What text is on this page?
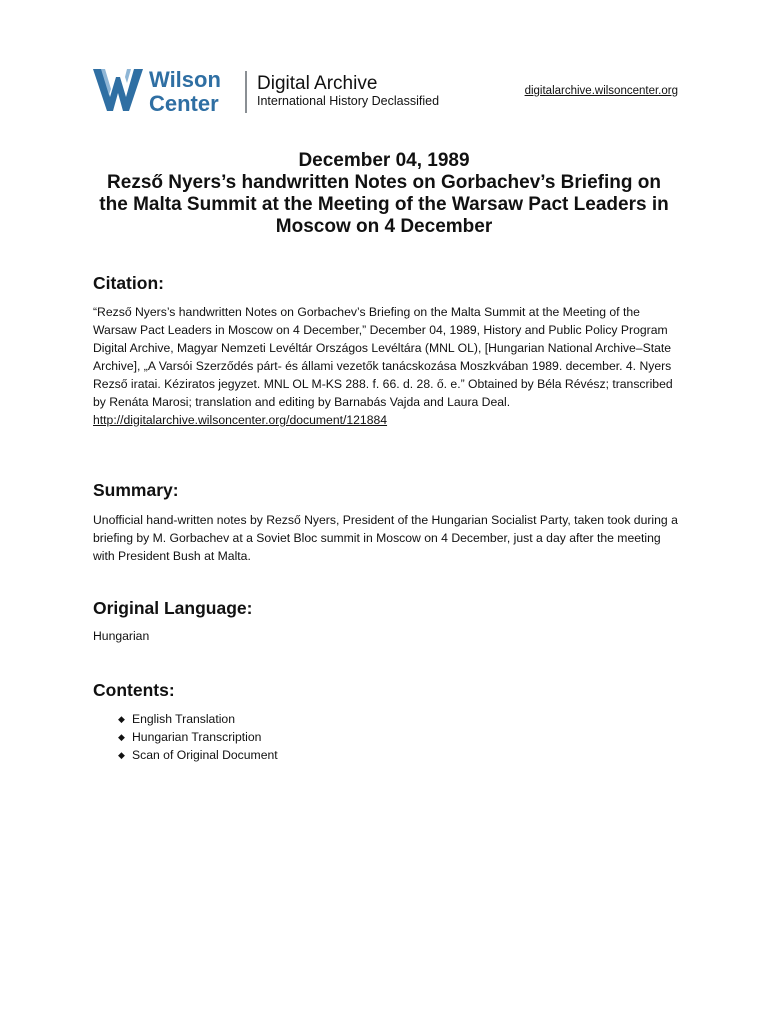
Wilson
Center
Digital Archive
International History Declassified
digitalarchive.wilsoncenter.org
December 04, 1989
Rezső Nyers’s handwritten Notes on Gorbachev’s Briefing on the Malta Summit at the Meeting of the Warsaw Pact Leaders in Moscow on 4 December
Citation:

“Rezső Nyers’s handwritten Notes on Gorbachev’s Briefing on the Malta Summit at the Meeting of the Warsaw Pact Leaders in Moscow on 4 December,” December 04, 1989, History and Public Policy Program Digital Archive, Magyar Nemzeti Levéltár Országos Levéltára (MNL OL), [Hungarian National Archive–State Archive], „A Varsói Szerződés párt- és állami vezetők tanácskozása Moszkvában 1989. december. 4. Nyers Rezső iratai. Kéziratos jegyzet. MNL OL M-KS 288. f. 66. d. 28. ő. e.” Obtained by Béla Révész; transcribed by Renáta Marosi; translation and editing by Barnabás Vajda and Laura Deal.

http://digitalarchive.wilsoncenter.org/document/121884
Summary:
Unofficial hand-written notes by Rezső Nyers, President of the Hungarian Socialist Party, taken took during a briefing by M. Gorbachev at a Soviet Bloc summit in Moscow on 4 December, just a day after the meeting with President Bush at Malta.
Original Language:
Hungarian
Contents:
◆ English Translation
◆ Hungarian Transcription
◆ Scan of Original Document
